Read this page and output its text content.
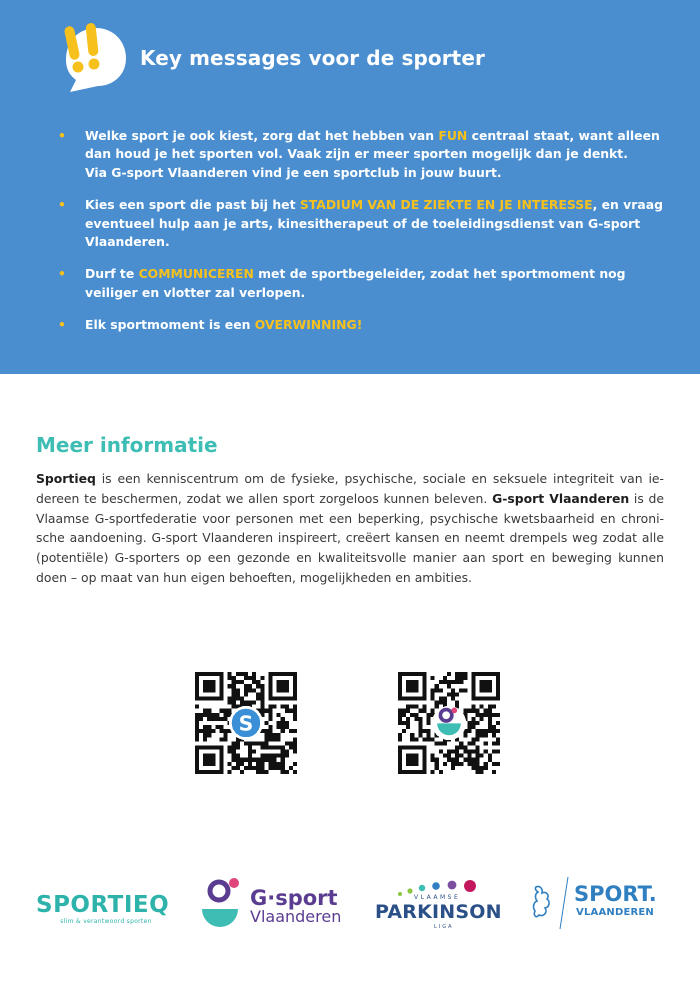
Key messages voor de sporter
• Welke sport je ook kiest, zorg dat het hebben van FUN centraal staat, want alleen
dan houd je het sporten vol. Vaak zijn er meer sporten mogelijk dan je denkt.
Via G-sport Vlaanderen vind je een sportclub in jouw buurt.
• Kies een sport die past bij het STADIUM VAN DE ZIEKTE EN JE INTERESSE, en vraag
eventueel hulp aan je arts, kinesitherapeut of de toeleidingsdienst van G-sport
Vlaanderen.
• Durf te COMMUNICEREN met de sportbegeleider, zodat het sportmoment nog
veiliger en vlotter zal verlopen.
• Elk sportmoment is een OVERWINNING!
Meer informatie
Sportieq is een kenniscentrum om de fysieke, psychische, sociale en seksuele integriteit van ie-
dereen te beschermen, zodat we allen sport zorgeloos kunnen beleven. G-sport Vlaanderen is de
Vlaamse G-sportfederatie voor personen met een beperking, psychische kwetsbaarheid en chroni-
sche aandoening. G-sport Vlaanderen inspireert, creëert kansen en neemt drempels weg zodat alle
(potentiële) G-sporters op een gezonde en kwaliteitsvolle manier aan sport en beweging kunnen
doen – op maat van hun eigen behoeften, mogelijkheden en ambities.
S
SPORTIEQ
slim & verantwoord sporten
G·sport
Vlaanderen
VLAAMSE
PARKINSON
LIGA
SPORT.
VLAANDEREN
